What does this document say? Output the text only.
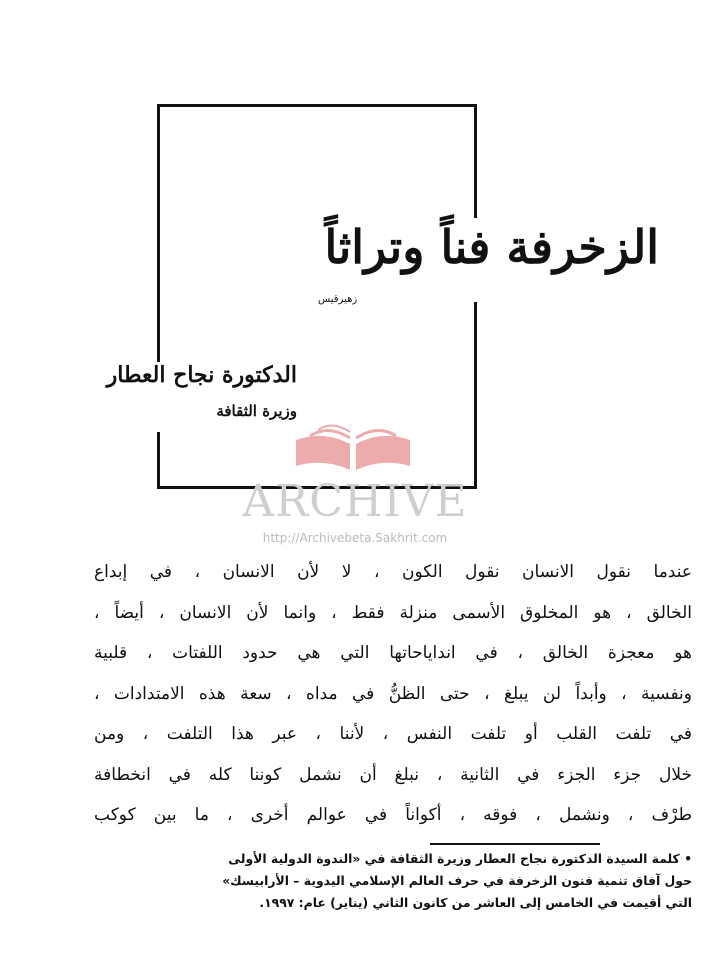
الزخرفة فناً وتراثاً
زهيرقيس
الدكتورة نجاح العطار
وزيرة الثقافة
ARCHIVE
http://Archivebeta.Sakhrit.com
عندما نقول الانسان نقول الكون ، لا لأن الانسان ، في إبداع
الخالق ، هو المخلوق الأسمى منزلة فقط ، وانما لأن الانسان ، أيضاً ،
هو معجزة الخالق ، في انداياحاتها التي هي حدود اللفتات ، قلبية
ونفسية ، وأبداً لن يبلغ ، حتى الظنُّ في مداه ، سعة هذه الامتدادات ،
في تلفت القلب أو تلفت النفس ، لأننا ، عبر هذا التلفت ، ومن
خلال جزء الجزء في الثانية ، نبلغ أن نشمل كوننا كله في انخطافة
طرْف ، ونشمل ، فوقه ، أكواناً في عوالم أخرى ، ما بين كوكب
• كلمة السيدة الدكتورة نجاح العطار وزيرة الثقافة في «الندوة الدولية الأولى
حول آفاق تنمية فنون الزخرفة في حرف العالم الإسلامي اليدوية – الأرابيسك»
التي أقيمت في الخامس إلى العاشر من كانون الثاني (يناير) عام: ١٩٩٧.
